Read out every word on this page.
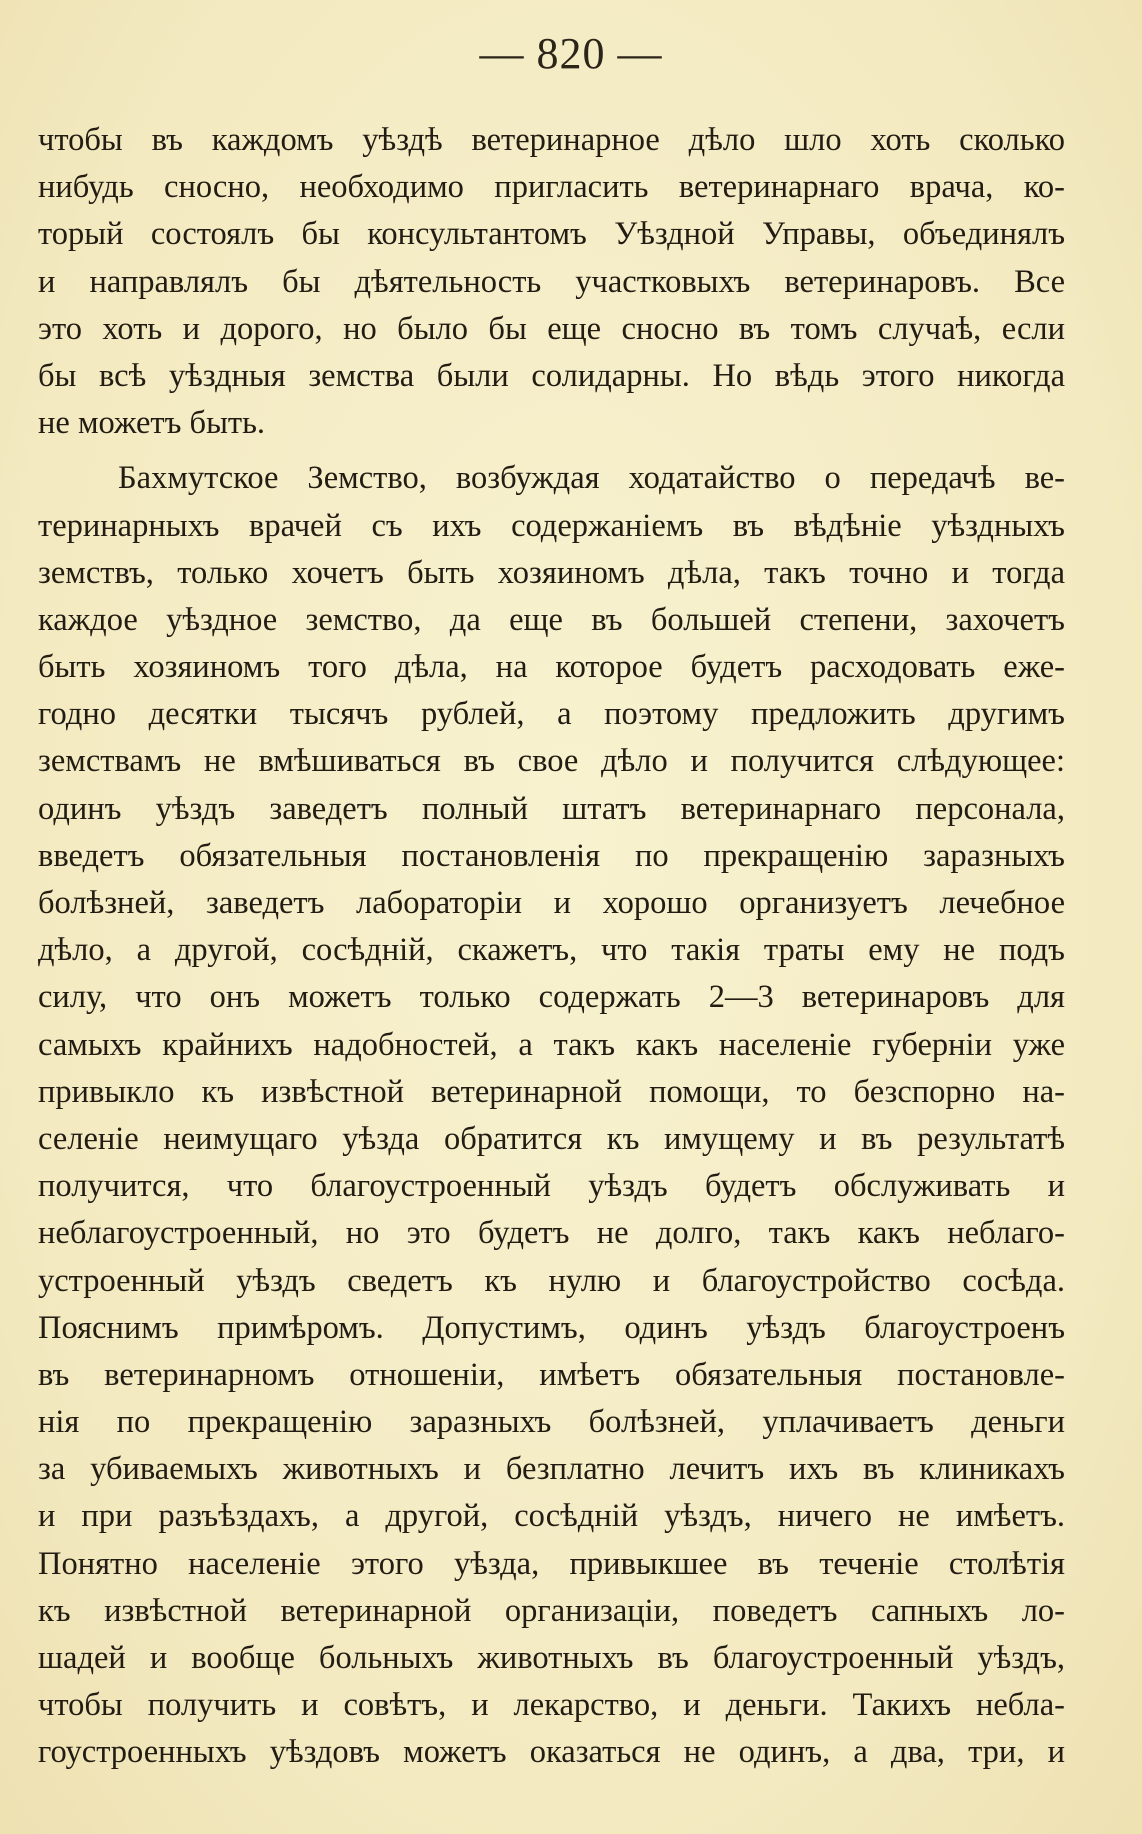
— 820 —
чтобы въ каждомъ уѣздѣ ветеринарное дѣло шло хоть сколько
нибудь сносно, необходимо пригласить ветеринарнаго врача, ко-
торый состоялъ бы консультантомъ Уѣздной Управы, объединялъ
и направлялъ бы дѣятельность участковыхъ ветеринаровъ. Все
это хоть и дорого, но было бы еще сносно въ томъ случаѣ, если
бы всѣ уѣздныя земства были солидарны. Но вѣдь этого никогда
не можетъ быть.
Бахмутское Земство, возбуждая ходатайство о передачѣ ве-
теринарныхъ врачей съ ихъ содержаніемъ въ вѣдѣніе уѣздныхъ
земствъ, только хочетъ быть хозяиномъ дѣла, такъ точно и тогда
каждое уѣздное земство, да еще въ большей степени, захочетъ
быть хозяиномъ того дѣла, на которое будетъ расходовать еже-
годно десятки тысячъ рублей, а поэтому предложить другимъ
земствамъ не вмѣшиваться въ свое дѣло и получится слѣдующее:
одинъ уѣздъ заведетъ полный штатъ ветеринарнаго персонала,
введетъ обязательныя постановленія по прекращенію заразныхъ
болѣзней, заведетъ лабораторіи и хорошо организуетъ лечебное
дѣло, а другой, сосѣдній, скажетъ, что такія траты ему не подъ
силу, что онъ можетъ только содержать 2—3 ветеринаровъ для
самыхъ крайнихъ надобностей, а такъ какъ населеніе губерніи уже
привыкло къ извѣстной ветеринарной помощи, то безспорно на-
селеніе неимущаго уѣзда обратится къ имущему и въ результатѣ
получится, что благоустроенный уѣздъ будетъ обслуживать и
неблагоустроенный, но это будетъ не долго, такъ какъ неблаго-
устроенный уѣздъ сведетъ къ нулю и благоустройство сосѣда.
Пояснимъ примѣромъ. Допустимъ, одинъ уѣздъ благоустроенъ
въ ветеринарномъ отношеніи, имѣетъ обязательныя постановле-
нія по прекращенію заразныхъ болѣзней, уплачиваетъ деньги
за убиваемыхъ животныхъ и безплатно лечитъ ихъ въ клиникахъ
и при разъѣздахъ, а другой, сосѣдній уѣздъ, ничего не имѣетъ.
Понятно населеніе этого уѣзда, привыкшее въ теченіе столѣтія
къ извѣстной ветеринарной организаціи, поведетъ сапныхъ ло-
шадей и вообще больныхъ животныхъ въ благоустроенный уѣздъ,
чтобы получить и совѣтъ, и лекарство, и деньги. Такихъ небла-
гоустроенныхъ уѣздовъ можетъ оказаться не одинъ, а два, три, и
